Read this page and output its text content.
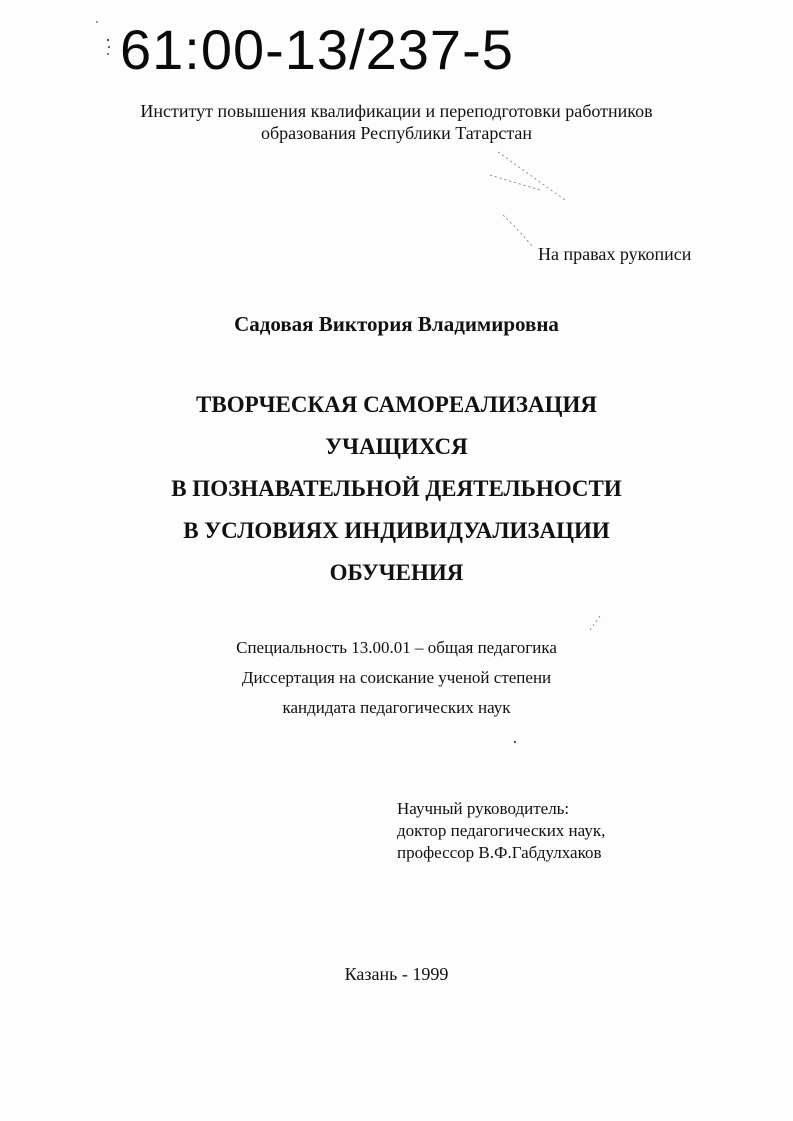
61:00-13/237-5
Институт повышения квалификации и переподготовки работников
образования Республики Татарстан
На правах рукописи
Садовая Виктория Владимировна
ТВОРЧЕСКАЯ САМОРЕАЛИЗАЦИЯ
УЧАЩИХСЯ
В ПОЗНАВАТЕЛЬНОЙ ДЕЯТЕЛЬНОСТИ
В УСЛОВИЯХ ИНДИВИДУАЛИЗАЦИИ
ОБУЧЕНИЯ
Специальность 13.00.01 – общая педагогика
Диссертация на соискание ученой степени
кандидата педагогических наук
Научный руководитель:
доктор педагогических наук,
профессор В.Ф.Габдулхаков
Казань - 1999
